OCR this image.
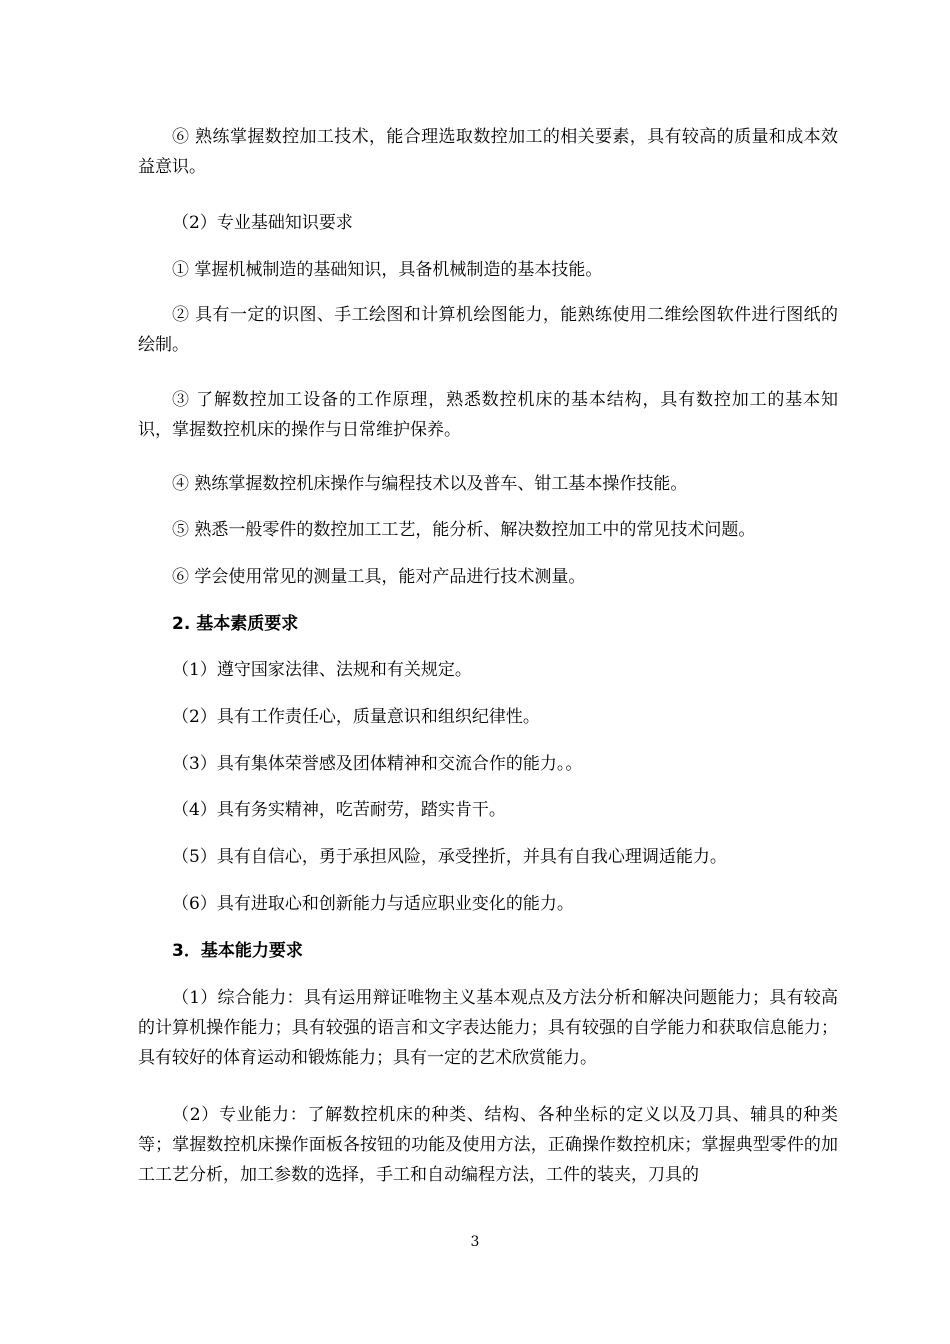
⑥ 熟练掌握数控加工技术，能合理选取数控加工的相关要素，具有较高的质量和成本效益意识。

（2）专业基础知识要求

① 掌握机械制造的基础知识，具备机械制造的基本技能。

② 具有一定的识图、手工绘图和计算机绘图能力，能熟练使用二维绘图软件进行图纸的绘制。

③ 了解数控加工设备的工作原理，熟悉数控机床的基本结构，具有数控加工的基本知识，掌握数控机床的操作与日常维护保养。

④ 熟练掌握数控机床操作与编程技术以及普车、钳工基本操作技能。

⑤ 熟悉一般零件的数控加工工艺，能分析、解决数控加工中的常见技术问题。

⑥ 学会使用常见的测量工具，能对产品进行技术测量。

2. 基本素质要求

（1）遵守国家法律、法规和有关规定。

（2）具有工作责任心，质量意识和组织纪律性。

（3）具有集体荣誉感及团体精神和交流合作的能力。。

（4）具有务实精神，吃苦耐劳，踏实肯干。

（5）具有自信心，勇于承担风险，承受挫折，并具有自我心理调适能力。

（6）具有进取心和创新能力与适应职业变化的能力。

3．基本能力要求

（1）综合能力：具有运用辩证唯物主义基本观点及方法分析和解决问题能力；具有较高的计算机操作能力；具有较强的语言和文字表达能力；具有较强的自学能力和获取信息能力；具有较好的体育运动和锻炼能力；具有一定的艺术欣赏能力。

（2）专业能力：了解数控机床的种类、结构、各种坐标的定义以及刀具、辅具的种类等；掌握数控机床操作面板各按钮的功能及使用方法，正确操作数控机床；掌握典型零件的加工工艺分析，加工参数的选择，手工和自动编程方法，工件的装夹，刀具的

3
